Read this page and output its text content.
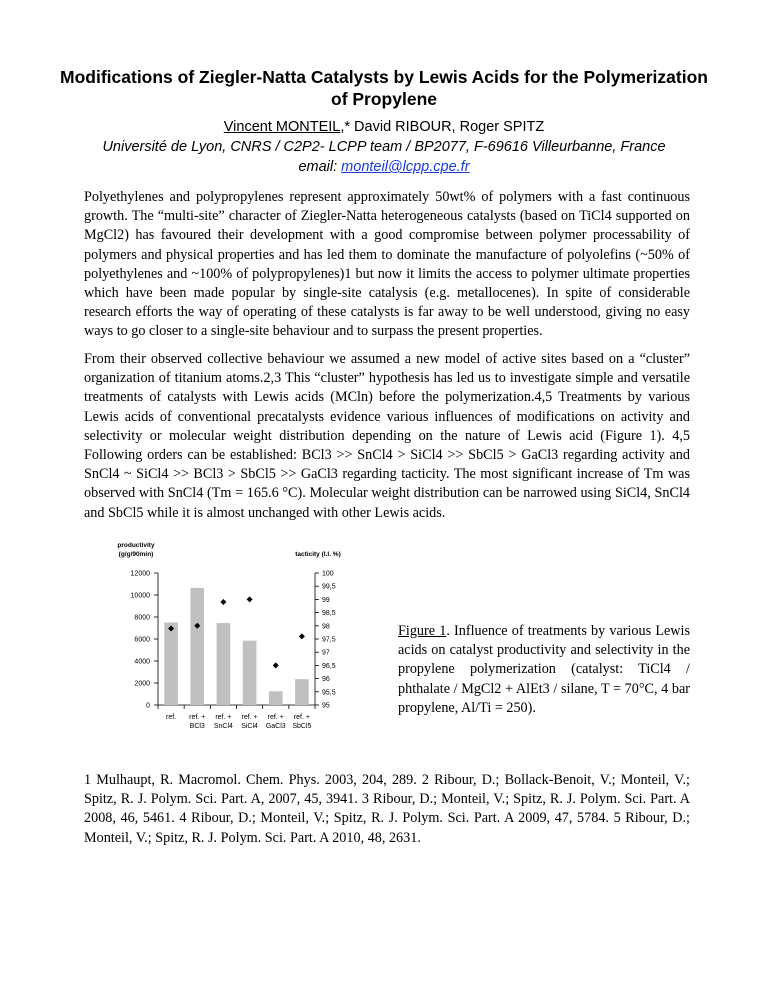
Modifications of Ziegler-Natta Catalysts by Lewis Acids for the Polymerization of Propylene
Vincent MONTEIL,* David RIBOUR, Roger SPITZ
Université de Lyon, CNRS / C2P2- LCPP team / BP2077, F-69616 Villeurbanne, France
email: monteil@lcpp.cpe.fr
Polyethylenes and polypropylenes represent approximately 50wt% of polymers with a fast continuous growth. The “multi-site” character of Ziegler-Natta heterogeneous catalysts (based on TiCl4 supported on MgCl2) has favoured their development with a good compromise between polymer processability of polymers and physical properties and has led them to dominate the manufacture of polyolefins (~50% of polyethylenes and ~100% of polypropylenes)1 but now it limits the access to polymer ultimate properties which have been made popular by single-site catalysis (e.g. metallocenes). In spite of considerable research efforts the way of operating of these catalysts is far away to be well understood, giving no easy ways to go closer to a single-site behaviour and to surpass the present properties.
From their observed collective behaviour we assumed a new model of active sites based on a “cluster” organization of titanium atoms.2,3 This “cluster” hypothesis has led us to investigate simple and versatile treatments of catalysts with Lewis acids (MCln) before the polymerization.4,5 Treatments by various Lewis acids of conventional precatalysts evidence various influences of modifications on activity and selectivity or molecular weight distribution depending on the nature of Lewis acid (Figure 1). 4,5 Following orders can be established: BCl3 >> SnCl4 > SiCl4 >> SbCl5 > GaCl3 regarding activity and SnCl4 ~ SiCl4 >> BCl3 > SbCl5 >> GaCl3 regarding tacticity. The most significant increase of Tm was observed with SnCl4 (Tm = 165.6 °C). Molecular weight distribution can be narrowed using SiCl4, SnCl4 and SbCl5 while it is almost unchanged with other Lewis acids.
0
2000
4000
6000
8000
10000
12000
95
95,5
96
96,5
97
97,5
98
98,5
99
99,5
100
ref. ref. +
BCl3
ref. +
SnCl4
ref. +
SiCl4
ref. +
GaCl3
ref. +
SbCl5
productivity
(g/g/90min)	tacticity (I.I. %)
Figure 1. Influence of treatments by various Lewis acids on catalyst productivity and selectivity in the propylene polymerization (catalyst: TiCl4 / phthalate / MgCl2 + AlEt3 / silane, T = 70°C, 4 bar propylene, Al/Ti = 250).
1 Mulhaupt, R. Macromol. Chem. Phys. 2003, 204, 289. 2 Ribour, D.; Bollack-Benoit, V.; Monteil, V.; Spitz, R. J. Polym. Sci. Part. A, 2007, 45, 3941. 3 Ribour, D.; Monteil, V.; Spitz, R. J. Polym. Sci. Part. A 2008, 46, 5461. 4 Ribour, D.; Monteil, V.; Spitz, R. J. Polym. Sci. Part. A 2009, 47, 5784. 5 Ribour, D.; Monteil, V.; Spitz, R. J. Polym. Sci. Part. A 2010, 48, 2631.
